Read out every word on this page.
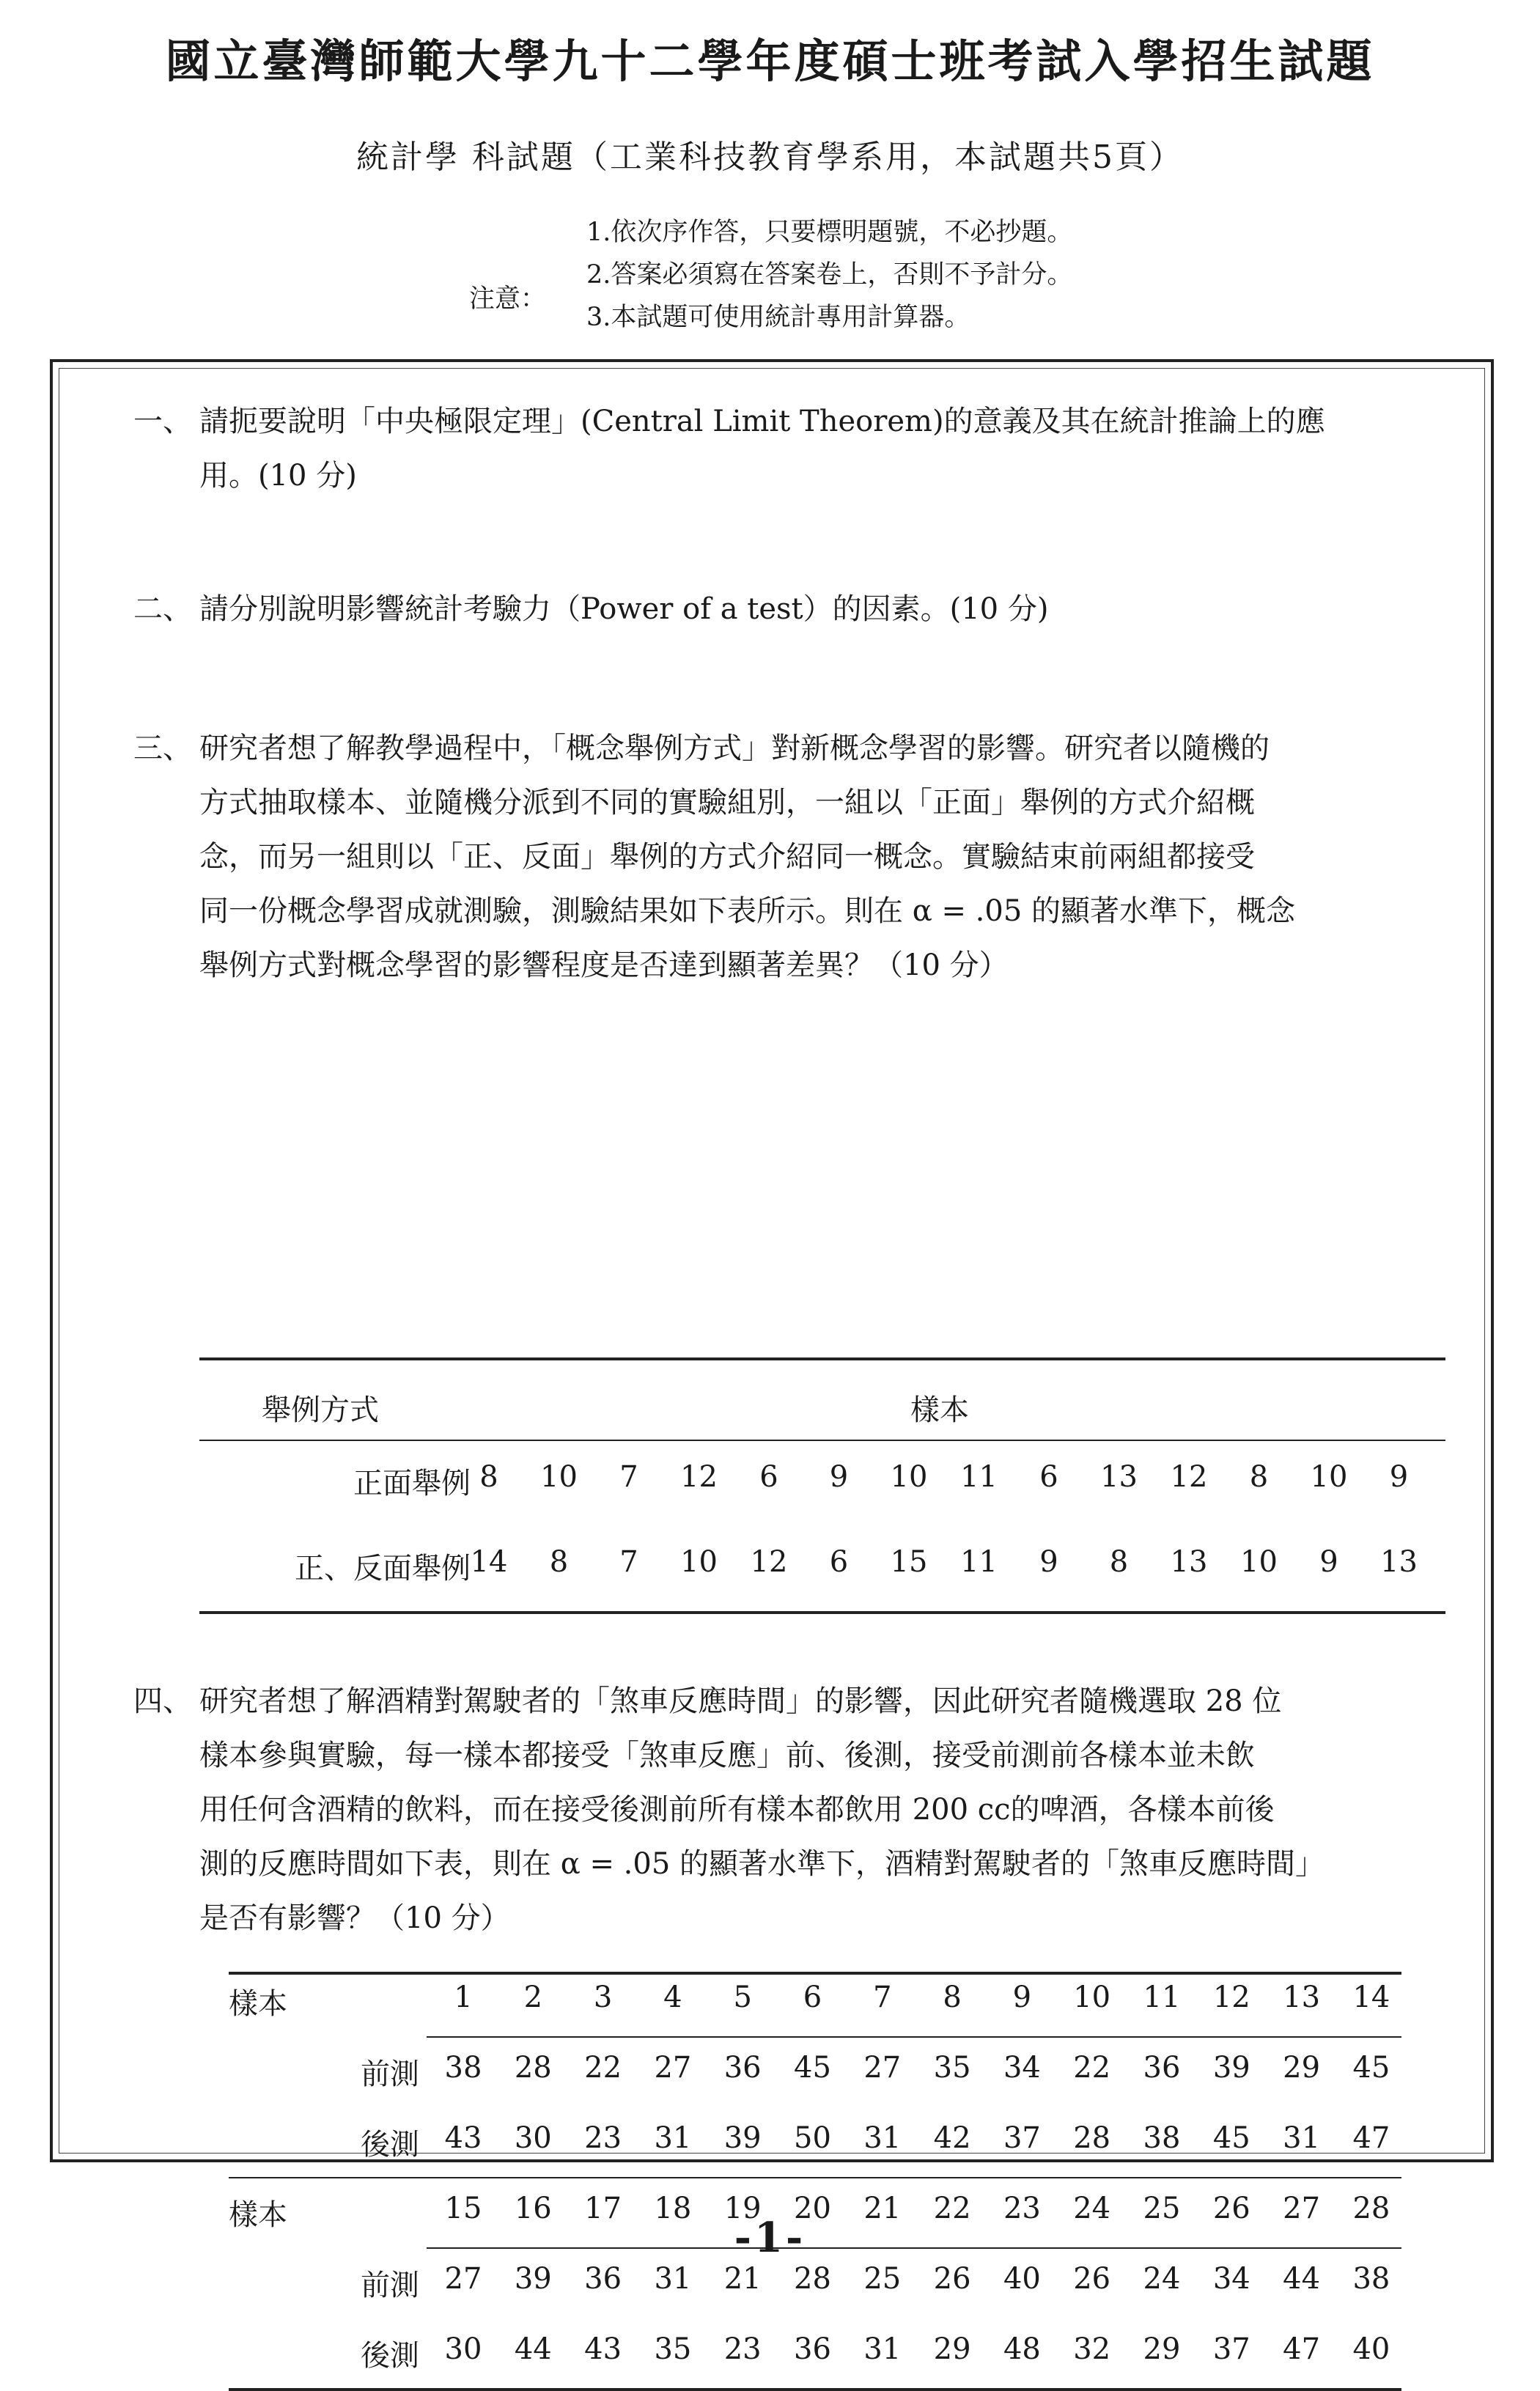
國立臺灣師範大學九十二學年度碩士班考試入學招生試題
統計學 科試題（工業科技教育學系用，本試題共5頁）
注意：
1.依次序作答，只要標明題號，不必抄題。
2.答案必須寫在答案卷上，否則不予計分。
3.本試題可使用統計專用計算器。
一、 請扼要說明「中央極限定理」(Central Limit Theorem)的意義及其在統計推論上的應
用。(10 分)
二、 請分別說明影響統計考驗力（Power of a test）的因素。(10 分)
三、 研究者想了解教學過程中，「概念舉例方式」對新概念學習的影響。研究者以隨機的
方式抽取樣本、並隨機分派到不同的實驗組別，一組以「正面」舉例的方式介紹概
念，而另一組則以「正、反面」舉例的方式介紹同一概念。實驗結束前兩組都接受
同一份概念學習成就測驗，測驗結果如下表所示。則在 α = .05 的顯著水準下，概念
舉例方式對概念學習的影響程度是否達到顯著差異？（10 分）
四、 研究者想了解酒精對駕駛者的「煞車反應時間」的影響，因此研究者隨機選取 28 位
樣本參與實驗，每一樣本都接受「煞車反應」前、後測，接受前測前各樣本並未飲
用任何含酒精的飲料，而在接受後測前所有樣本都飲用 200 cc的啤酒，各樣本前後
測的反應時間如下表，則在 α = .05 的顯著水準下，酒精對駕駛者的「煞車反應時間」
是否有影響？（10 分）
舉例方式	樣本
正面舉例 8	10	7	12	6	9	10	11	6	13	12	8	10	9
正、反面舉例 14	8	7	10	12	6	15	11	9	8	13	10	9	13
樣本	1	2	3	4	5	6	7	8	9	10	11	12	13	14
前測 38	28	22	27	36	45	27	35	34	22	36	39	29	45
後測 43	30	23	31	39	50	31	42	37	28	38	45	31	47
樣本	15	16	17	18	19	20	21	22	23	24	25	26	27	28
前測 27	39	36	31	21	28	25	26	40	26	24	34	44	38
後測 30	44	43	35	23	36	31	29	48	32	29	37	47	40
-1-
